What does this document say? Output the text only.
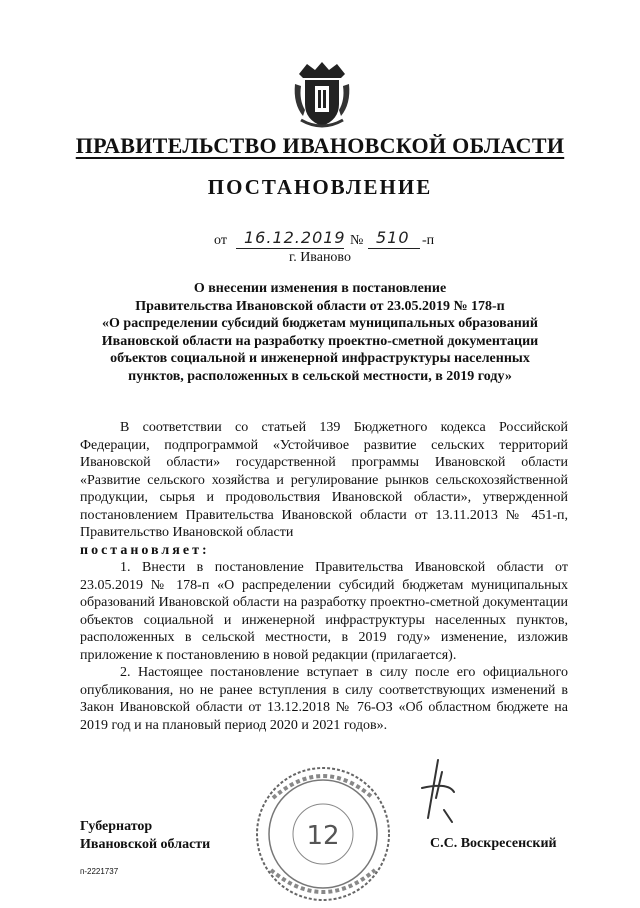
ПРАВИТЕЛЬСТВО ИВАНОВСКОЙ ОБЛАСТИ
ПОСТАНОВЛЕНИЕ
от 16.12.2019 № 510 -п
г. Иваново
О внесении изменения в постановление
Правительства Ивановской области от 23.05.2019 № 178-п
«О распределении субсидий бюджетам муниципальных образований
Ивановской области на разработку проектно-сметной документации
объектов социальной и инженерной инфраструктуры населенных
пунктов, расположенных в сельской местности, в 2019 году»

В соответствии со статьей 139 Бюджетного кодекса Российской Федерации, подпрограммой «Устойчивое развитие сельских территорий Ивановской области» государственной программы Ивановской области «Развитие сельского хозяйства и регулирование рынков сельскохозяйственной продукции, сырья и продовольствия Ивановской области», утвержденной постановлением Правительства Ивановской области от 13.11.2013 № 451-п, Правительство Ивановской области

постановляет:

1. Внести в постановление Правительства Ивановской области от 23.05.2019 № 178-п «О распределении субсидий бюджетам муниципальных образований Ивановской области на разработку проектно-сметной документации объектов социальной и инженерной инфраструктуры населенных пунктов, расположенных в сельской местности, в 2019 году» изменение, изложив приложение к постановлению в новой редакции (прилагается).

2. Настоящее постановление вступает в силу после его официального опубликования, но не ранее вступления в силу соответствующих изменений в Закон Ивановской области от 13.12.2018 № 76-ОЗ «Об областном бюджете на 2019 год и на плановый период 2020 и 2021 годов».

12
Губернатор
Ивановской области	С.С. Воскресенский
п-2221737
